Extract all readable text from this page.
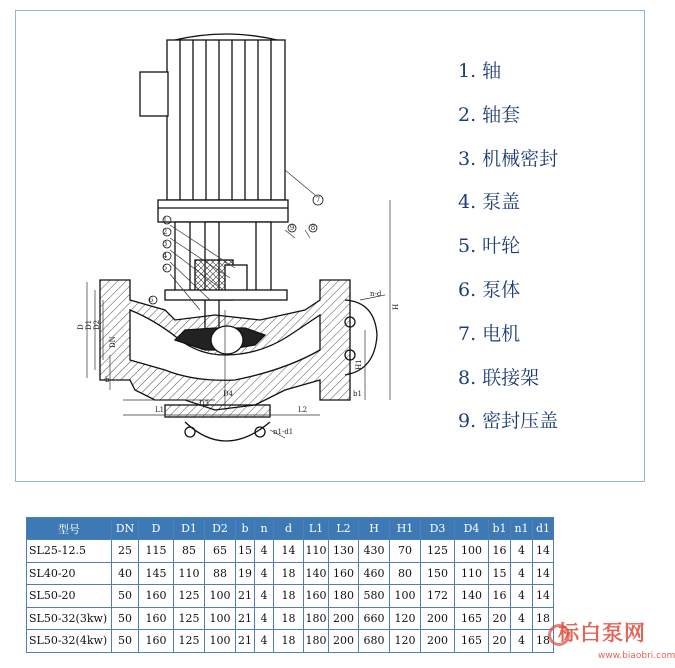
1
2
3
4
5
6
7
8
9
n-d
n1-d1
L1	L2
D3
D4
D D1 D2
H1
H
DN
b
b1
1. 轴
2. 轴套
3. 机械密封
4. 泵盖
5. 叶轮
6. 泵体
7. 电机
8. 联接架
9. 密封压盖
型号	DN	D	D1	D2	b	n	d	L1	L2	H	H1	D3	D4	b1	n1	d1
SL25-12.5	25	115	85	65	15	4	14	110	130	430	70	125	100	16	4	14
SL40-20	40	145	110	88	19	4	18	140	160	460	80	150	110	15	4	14
SL50-20	50	160	125	100	21	4	18	160	180	580	100	172	140	16	4	14
SL50-32(3kw)	50	160	125	100	21	4	18	180	200	660	120	200	165	20	4	18
SL50-32(4kw)	50	160	125	100	21	4	18	180	200	680	120	200	165	20	4	18 标白泵网
www.biaobri.com
